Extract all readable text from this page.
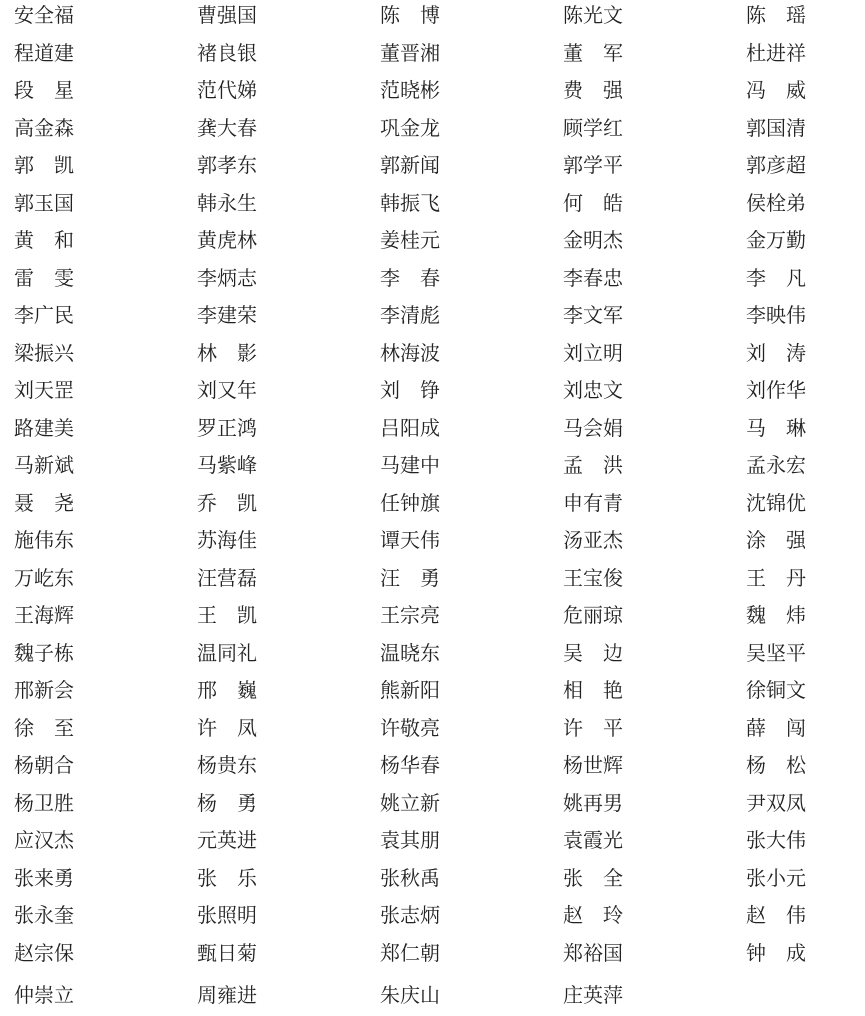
安全福	曹强国	陈　博	陈光文	陈　瑶
程道建	褚良银	董晋湘	董　军	杜进祥
段　星	范代娣	范晓彬	费　强	冯　威
高金森	龚大春	巩金龙	顾学红	郭国清
郭　凯	郭孝东	郭新闻	郭学平	郭彦超
郭玉国	韩永生	韩振飞	何　皓	侯栓弟
黄　和	黄虎林	姜桂元	金明杰	金万勤
雷　雯	李炳志	李　春	李春忠	李　凡
李广民	李建荣	李清彪	李文军	李映伟
梁振兴	林　影	林海波	刘立明	刘　涛
刘天罡	刘又年	刘　铮	刘忠文	刘作华
路建美	罗正鸿	吕阳成	马会娟	马　琳
马新斌	马紫峰	马建中	孟　洪	孟永宏
聂　尧	乔　凯	任钟旗	申有青	沈锦优
施伟东	苏海佳	谭天伟	汤亚杰	涂　强
万屹东	汪营磊	汪　勇	王宝俊	王　丹
王海辉	王　凯	王宗亮	危丽琼	魏　炜
魏子栋	温同礼	温晓东	吴　边	吴坚平
邢新会	邢　巍	熊新阳	相　艳	徐铜文
徐　至	许　凤	许敬亮	许　平	薛　闯
杨朝合	杨贵东	杨华春	杨世辉	杨　松
杨卫胜	杨　勇	姚立新	姚再男	尹双凤
应汉杰	元英进	袁其朋	袁霞光	张大伟
张来勇	张　乐	张秋禹	张　全	张小元
张永奎	张照明	张志炳	赵　玲	赵　伟
赵宗保	甄日菊	郑仁朝	郑裕国	钟　成
仲崇立	周雍进	朱庆山	庄英萍
